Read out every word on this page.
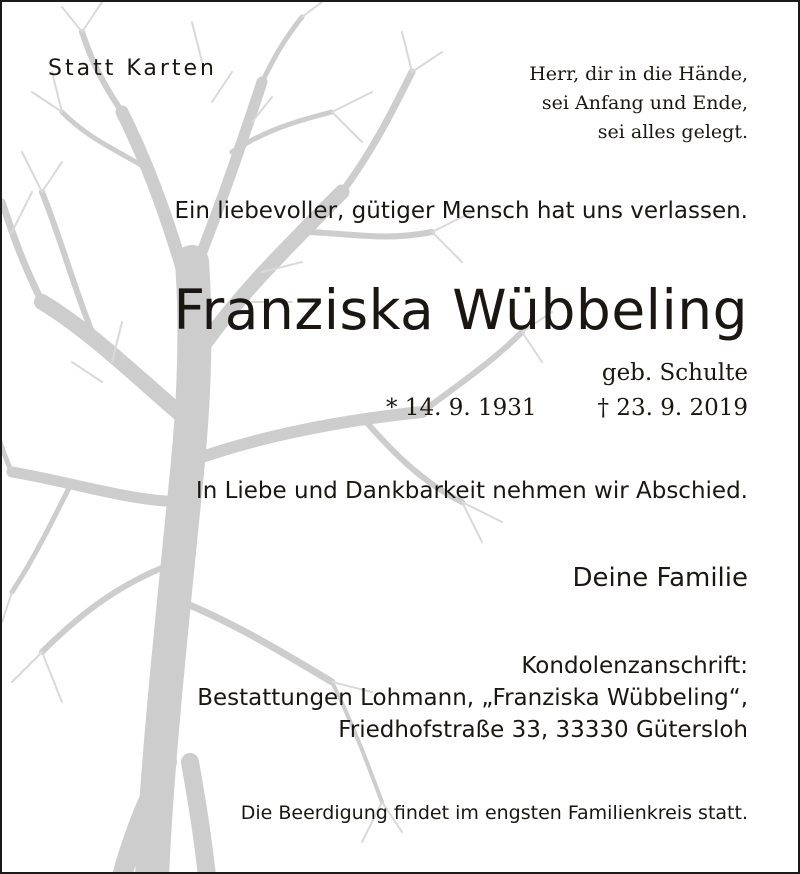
Statt Karten	Herr, dir in die Hände,
sei Anfang und Ende,
sei alles gelegt.
Ein liebevoller, gütiger Mensch hat uns verlassen.
Franziska Wübbeling
geb. Schulte
* 14. 9. 1931	† 23. 9. 2019
In Liebe und Dankbarkeit nehmen wir Abschied.
Deine Familie
Kondolenzanschrift:
Bestattungen Lohmann, „Franziska Wübbeling“,
Friedhofstraße 33, 33330 Gütersloh
Die Beerdigung findet im engsten Familienkreis statt.
